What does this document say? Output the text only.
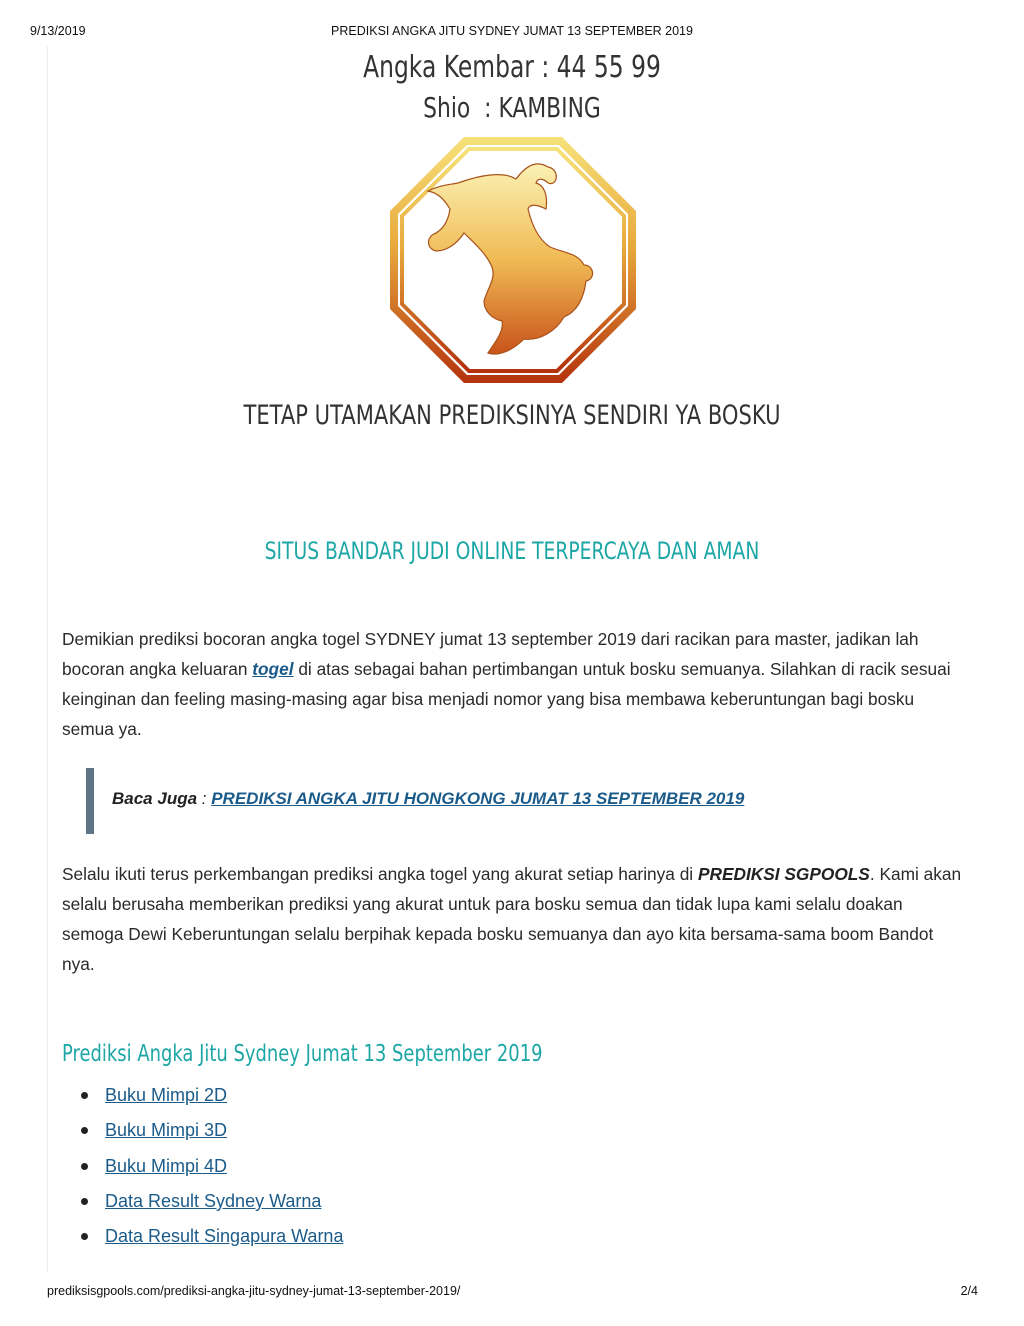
9/13/2019	PREDIKSI ANGKA JITU SYDNEY JUMAT 13 SEPTEMBER 2019
Angka Kembar : 44 55 99
Shio  : KAMBING
TETAP UTAMAKAN PREDIKSINYA SENDIRI YA BOSKU
SITUS BANDAR JUDI ONLINE TERPERCAYA DAN AMAN
Demikian prediksi bocoran angka togel SYDNEY jumat 13 september 2019 dari racikan para master, jadikan lah bocoran angka keluaran togel di atas sebagai bahan pertimbangan untuk bosku semuanya. Silahkan di racik sesuai keinginan dan feeling masing-masing agar bisa menjadi nomor yang bisa membawa keberuntungan bagi bosku semua ya.
Baca Juga : PREDIKSI ANGKA JITU HONGKONG JUMAT 13 SEPTEMBER 2019
Selalu ikuti terus perkembangan prediksi angka togel yang akurat setiap harinya di PREDIKSI SGPOOLS. Kami akan selalu berusaha memberikan prediksi yang akurat untuk para bosku semua dan tidak lupa kami selalu doakan semoga Dewi Keberuntungan selalu berpihak kepada bosku semuanya dan ayo kita bersama-sama boom Bandot nya.
Prediksi Angka Jitu Sydney Jumat 13 September 2019
Buku Mimpi 2D
Buku Mimpi 3D
Buku Mimpi 4D
Data Result Sydney Warna
Data Result Singapura Warna
prediksisgpools.com/prediksi-angka-jitu-sydney-jumat-13-september-2019/	2/4
